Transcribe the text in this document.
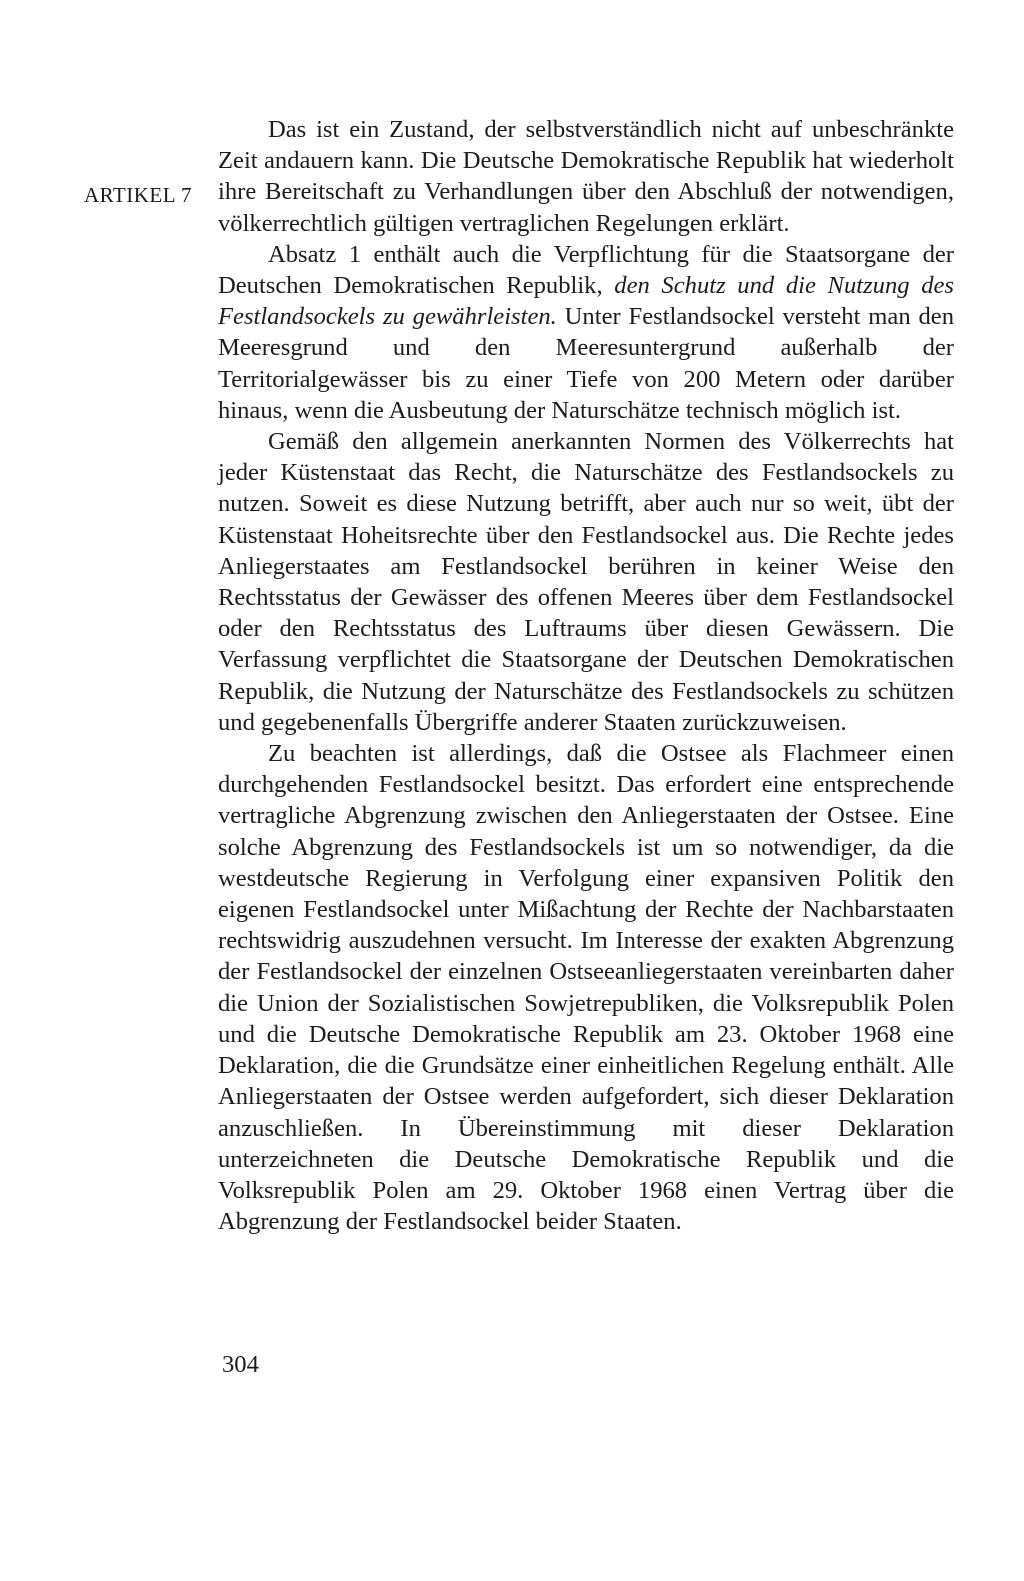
ARTIKEL 7

Das ist ein Zustand, der selbstverständlich nicht auf unbeschränkte Zeit andauern kann. Die Deutsche Demokratische Republik hat wiederholt ihre Bereitschaft zu Verhandlungen über den Abschluß der notwendigen, völkerrechtlich gültigen vertraglichen Regelungen erklärt.

Absatz 1 enthält auch die Verpflichtung für die Staatsorgane der Deutschen Demokratischen Republik, den Schutz und die Nutzung des Festlandsockels zu gewährleisten. Unter Festlandsockel versteht man den Meeresgrund und den Meeresuntergrund außerhalb der Territorialgewässer bis zu einer Tiefe von 200 Metern oder darüber hinaus, wenn die Ausbeutung der Naturschätze technisch möglich ist.

Gemäß den allgemein anerkannten Normen des Völkerrechts hat jeder Küstenstaat das Recht, die Naturschätze des Festlandsockels zu nutzen. Soweit es diese Nutzung betrifft, aber auch nur so weit, übt der Küstenstaat Hoheitsrechte über den Festlandsockel aus. Die Rechte jedes Anliegerstaates am Festlandsockel berühren in keiner Weise den Rechtsstatus der Gewässer des offenen Meeres über dem Festlandsockel oder den Rechtsstatus des Luftraums über diesen Gewässern. Die Verfassung verpflichtet die Staatsorgane der Deutschen Demokratischen Republik, die Nutzung der Naturschätze des Festlandsockels zu schützen und gegebenenfalls Übergriffe anderer Staaten zurückzuweisen.

Zu beachten ist allerdings, daß die Ostsee als Flachmeer einen durchgehenden Festlandsockel besitzt. Das erfordert eine entsprechende vertragliche Abgrenzung zwischen den Anliegerstaaten der Ostsee. Eine solche Abgrenzung des Festlandsockels ist um so notwendiger, da die westdeutsche Regierung in Verfolgung einer expansiven Politik den eigenen Festlandsockel unter Mißachtung der Rechte der Nachbarstaaten rechtswidrig auszudehnen versucht. Im Interesse der exakten Abgrenzung der Festlandsockel der einzelnen Ostseeanliegerstaaten vereinbarten daher die Union der Sozialistischen Sowjetrepubliken, die Volksrepublik Polen und die Deutsche Demokratische Republik am 23. Oktober 1968 eine Deklaration, die die Grundsätze einer einheitlichen Regelung enthält. Alle Anliegerstaaten der Ostsee werden aufgefordert, sich dieser Deklaration anzuschließen. In Übereinstimmung mit dieser Deklaration unterzeichneten die Deutsche Demokratische Republik und die Volksrepublik Polen am 29. Oktober 1968 einen Vertrag über die Abgrenzung der Festlandsockel beider Staaten.

304
